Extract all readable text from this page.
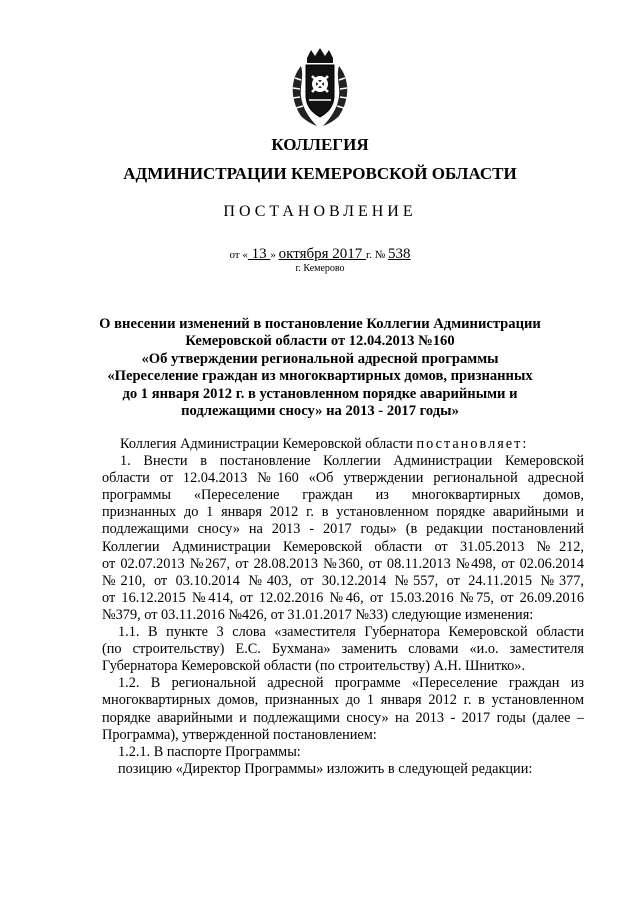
КОЛЛЕГИЯ
АДМИНИСТРАЦИИ КЕМЕРОВСКОЙ ОБЛАСТИ
ПОСТАНОВЛЕНИЕ
от « 13 » октября 2017 г. № 538
г. Кемерово
О внесении изменений в постановление Коллегии Администрации
Кемеровской области от 12.04.2013 №160
«Об утверждении региональной адресной программы
«Переселение граждан из многоквартирных домов, признанных
до 1 января 2012 г. в установленном порядке аварийными и
подлежащими сносу» на 2013 - 2017 годы»
Коллегия Администрации Кемеровской области постановляет:
1. Внести в постановление Коллегии Администрации Кемеровской
области от 12.04.2013 №160 «Об утверждении региональной адресной
программы «Переселение граждан из многоквартирных домов,
признанных до 1 января 2012 г. в установленном порядке аварийными и
подлежащими сносу» на 2013 - 2017 годы» (в редакции постановлений
Коллегии Администрации Кемеровской области от 31.05.2013 №212,
от 02.07.2013 №267, от 28.08.2013 №360, от 08.11.2013 №498, от 02.06.2014
№210, от 03.10.2014 №403, от 30.12.2014 №557, от 24.11.2015 №377,
от 16.12.2015 №414, от 12.02.2016 №46, от 15.03.2016 №75, от 26.09.2016
№379, от 03.11.2016 №426, от 31.01.2017 №33) следующие изменения:
1.1. В пункте 3 слова «заместителя Губернатора Кемеровской области
(по строительству) Е.С. Бухмана» заменить словами «и.о. заместителя
Губернатора Кемеровской области (по строительству) А.Н. Шнитко».
1.2. В региональной адресной программе «Переселение граждан из
многоквартирных домов, признанных до 1 января 2012 г. в установленном
порядке аварийными и подлежащими сносу» на 2013 - 2017 годы (далее –
Программа), утвержденной постановлением:
1.2.1. В паспорте Программы:
позицию «Директор Программы» изложить в следующей редакции:
